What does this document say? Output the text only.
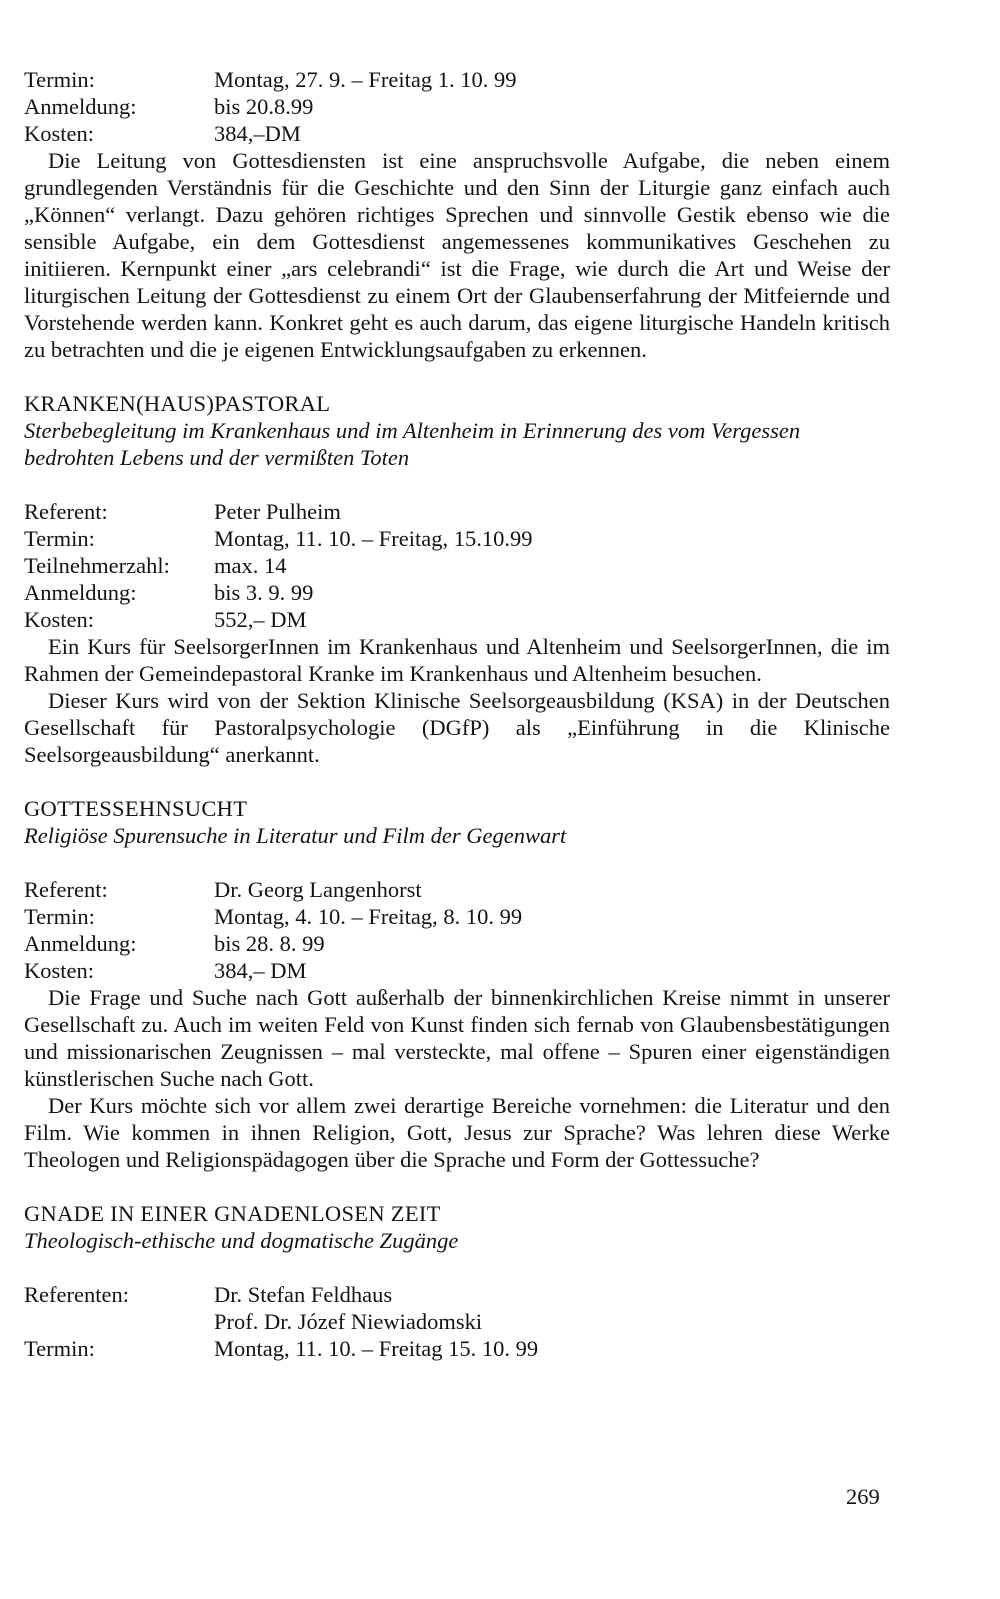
Termin:	Montag, 27. 9. – Freitag 1. 10. 99
Anmeldung:	bis 20.8.99
Kosten:	384,–DM
Die Leitung von Gottesdiensten ist eine anspruchsvolle Aufgabe, die neben einem grundlegenden Verständnis für die Geschichte und den Sinn der Liturgie ganz einfach auch „Können“ verlangt. Dazu gehören richtiges Sprechen und sinnvolle Gestik ebenso wie die sensible Aufgabe, ein dem Gottesdienst angemessenes kommunikatives Geschehen zu initiieren. Kernpunkt einer „ars celebrandi“ ist die Frage, wie durch die Art und Weise der liturgischen Leitung der Gottesdienst zu einem Ort der Glaubenserfahrung der Mitfeiernde und Vorstehende werden kann. Konkret geht es auch darum, das eigene liturgische Handeln kritisch zu betrachten und die je eigenen Entwicklungsaufgaben zu erkennen.
KRANKEN(HAUS)PASTORAL
Sterbebegleitung im Krankenhaus und im Altenheim in Erinnerung des vom Vergessen bedrohten Lebens und der vermißten Toten
Referent:	Peter Pulheim
Termin:	Montag, 11. 10. – Freitag, 15.10.99
Teilnehmerzahl:	max. 14
Anmeldung:	bis 3. 9. 99
Kosten:	552,– DM
Ein Kurs für SeelsorgerInnen im Krankenhaus und Altenheim und SeelsorgerInnen, die im Rahmen der Gemeindepastoral Kranke im Krankenhaus und Altenheim besuchen.
Dieser Kurs wird von der Sektion Klinische Seelsorgeausbildung (KSA) in der Deutschen Gesellschaft für Pastoralpsychologie (DGfP) als „Einführung in die Klinische Seelsorgeausbildung“ anerkannt.
GOTTESSEHNSUCHT
Religiöse Spurensuche in Literatur und Film der Gegenwart
Referent:	Dr. Georg Langenhorst
Termin:	Montag, 4. 10. – Freitag, 8. 10. 99
Anmeldung:	bis 28. 8. 99
Kosten:	384,– DM
Die Frage und Suche nach Gott außerhalb der binnenkirchlichen Kreise nimmt in unserer Gesellschaft zu. Auch im weiten Feld von Kunst finden sich fernab von Glaubensbestätigungen und missionarischen Zeugnissen – mal versteckte, mal offene – Spuren einer eigenständigen künstlerischen Suche nach Gott.
Der Kurs möchte sich vor allem zwei derartige Bereiche vornehmen: die Literatur und den Film. Wie kommen in ihnen Religion, Gott, Jesus zur Sprache? Was lehren diese Werke Theologen und Religionspädagogen über die Sprache und Form der Gottessuche?
GNADE IN EINER GNADENLOSEN ZEIT
Theologisch-ethische und dogmatische Zugänge
Referenten:	Dr. Stefan Feldhaus
Prof. Dr. Józef Niewiadomski
Termin:	Montag, 11. 10. – Freitag 15. 10. 99
269
